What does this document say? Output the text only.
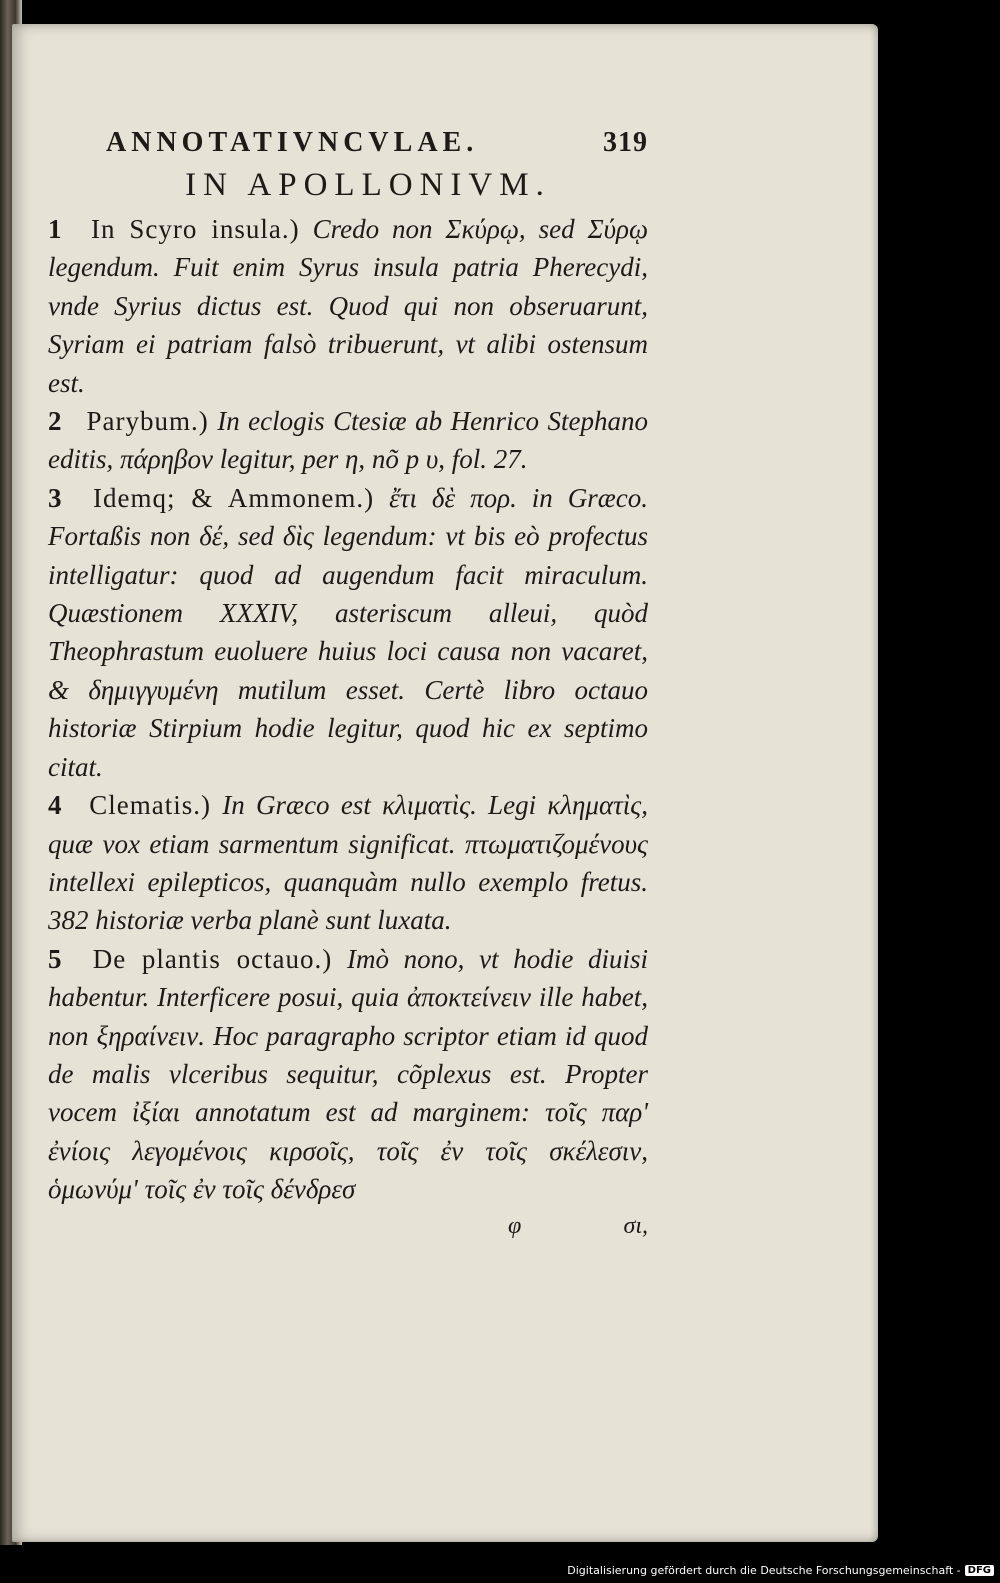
ANNOTATIVNCVLAE.	319
IN APOLLONIVM.
1 In Scyro insula.) Credo non Σκύρῳ, sed Σύρῳ legendum. Fuit enim Syrus insula patria Pherecydi, vnde Syrius dictus est. Quod qui non obseruarunt, Syriam ei patriam falsò tribuerunt, vt alibi ostensum est.
2 Parybum.) In eclogis Ctesiæ ab Henrico Stephano editis, πάρηβον legitur, per η, nõ p υ, fol. 27.
3 Idemq; & Ammonem.) ἔτι δὲ πορ. in Græco. Fortaßis non δέ, sed δὶς legendum: vt bis eò profectus intelligatur: quod ad augendum facit miraculum. Quæstionem XXXIV, asteriscum alleui, quòd Theophrastum euoluere huius loci causa non vacaret, & δημιγγυμένη mutilum esset. Certè libro octauo historiæ Stirpium hodie legitur, quod hic ex septimo citat.
4 Clematis.) In Græco est κλιματὶς. Legi κληματὶς, quæ vox etiam sarmentum significat. πτωματιζομένους intellexi epilepticos, quanquàm nullo exemplo fretus. 382 historiæ verba planè sunt luxata.
5 De plantis octauo.) Imò nono, vt hodie diuisi habentur. Interficere posui, quia ἀποκτείνειν ille habet, non ξηραίνειν. Hoc paragrapho scriptor etiam id quod de malis vlceribus sequitur, cõplexus est. Propter vocem ἰξίαι annotatum est ad marginem: τοῖς παρ' ἐνίοις λεγομένοις κιρσοῖς, τοῖς ἐν τοῖς σκέλεσιν, ὁμωνύμ' τοῖς ἐν τοῖς δένδρεσ
φ	σι,
Digitalisierung gefördert durch die Deutsche Forschungsgemeinschaft - DFG
